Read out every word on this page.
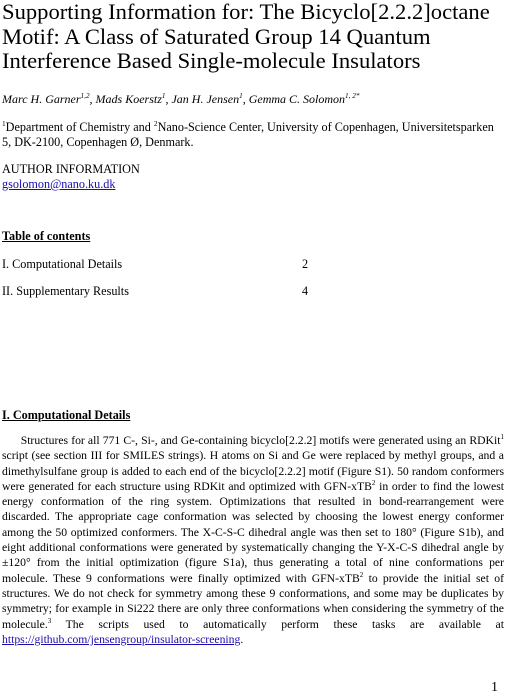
Supporting Information for: The Bicyclo[2.2.2]octane Motif: A Class of Saturated Group 14 Quantum Interference Based Single-molecule Insulators
Marc H. Garner$^{1,2}$, Mads Koerstz$^1$, Jan H. Jensen$^1$, Gemma C. Solomon$^{1, 2*}$
$^1$Department of Chemistry and $^2$Nano-Science Center, University of Copenhagen, Universitetsparken 5, DK-2100, Copenhagen Ø, Denmark.
AUTHOR INFORMATION
gsolomon@nano.ku.dk
Table of contents
I. Computational Details	2
II. Supplementary Results	4
I. Computational Details

Structures for all 771 C-, Si-, and Ge-containing bicyclo[2.2.2] motifs were generated using an RDKit$^1$ script (see section III for SMILES strings). H atoms on Si and Ge were replaced by methyl groups, and a dimethylsulfane group is added to each end of the bicyclo[2.2.2] motif (Figure S1). 50 random conformers were generated for each structure using RDKit and optimized with GFN-xTB$^2$ in order to find the lowest energy conformation of the ring system. Optimizations that resulted in bond-rearrangement were discarded. The appropriate cage conformation was selected by choosing the lowest energy conformer among the 50 optimized conformers. The X-C-S-C dihedral angle was then set to 180° (Figure S1b), and eight additional conformations were generated by systematically changing the Y-X-C-S dihedral angle by ±120° from the initial optimization (figure S1a), thus generating a total of nine conformations per molecule. These 9 conformations were finally optimized with GFN-xTB$^2$ to provide the initial set of structures. We do not check for symmetry among these 9 conformations, and some may be duplicates by symmetry; for example in Si222 there are only three conformations when considering the symmetry of the molecule.$^3$ The scripts used to automatically perform these tasks are available at https://github.com/jensengroup/insulator-screening.

1
